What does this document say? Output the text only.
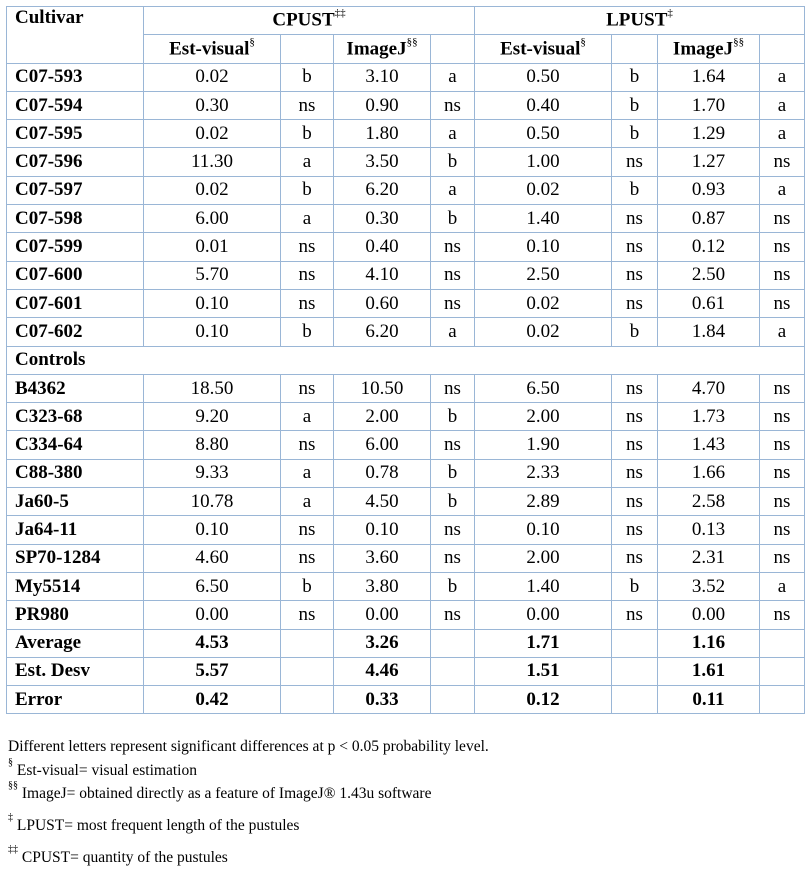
Cultivar	CPUST‡‡				LPUST‡
	Est-visual§		ImageJ§§		Est-visual§		ImageJ§§	
C07-593	0.02	b	3.10	a	0.50	b	1.64	a
C07-594	0.30	ns	0.90	ns	0.40	b	1.70	a
C07-595	0.02	b	1.80	a	0.50	b	1.29	a
C07-596	11.30	a	3.50	b	1.00	ns	1.27	ns
C07-597	0.02	b	6.20	a	0.02	b	0.93	a
C07-598	6.00	a	0.30	b	1.40	ns	0.87	ns
C07-599	0.01	ns	0.40	ns	0.10	ns	0.12	ns
C07-600	5.70	ns	4.10	ns	2.50	ns	2.50	ns
C07-601	0.10	ns	0.60	ns	0.02	ns	0.61	ns
C07-602	0.10	b	6.20	a	0.02	b	1.84	a
Controls								
B4362	18.50	ns	10.50	ns	6.50	ns	4.70	ns
C323-68	9.20	a	2.00	b	2.00	ns	1.73	ns
C334-64	8.80	ns	6.00	ns	1.90	ns	1.43	ns
C88-380	9.33	a	0.78	b	2.33	ns	1.66	ns
Ja60-5	10.78	a	4.50	b	2.89	ns	2.58	ns
Ja64-11	0.10	ns	0.10	ns	0.10	ns	0.13	ns
SP70-1284	4.60	ns	3.60	ns	2.00	ns	2.31	ns
My5514	6.50	b	3.80	b	1.40	b	3.52	a
PR980	0.00	ns	0.00	ns	0.00	ns	0.00	ns
Average	4.53		3.26		1.71		1.16	
Est. Desv	5.57		4.46		1.51		1.61	
Error	0.42		0.33		0.12		0.11	

Different letters represent significant differences at p < 0.05 probability level.

§ Est-visual= visual estimation

§§ ImageJ= obtained directly as a feature of ImageJ® 1.43u software

‡ LPUST= most frequent length of the pustules

‡‡ CPUST= quantity of the pustules
